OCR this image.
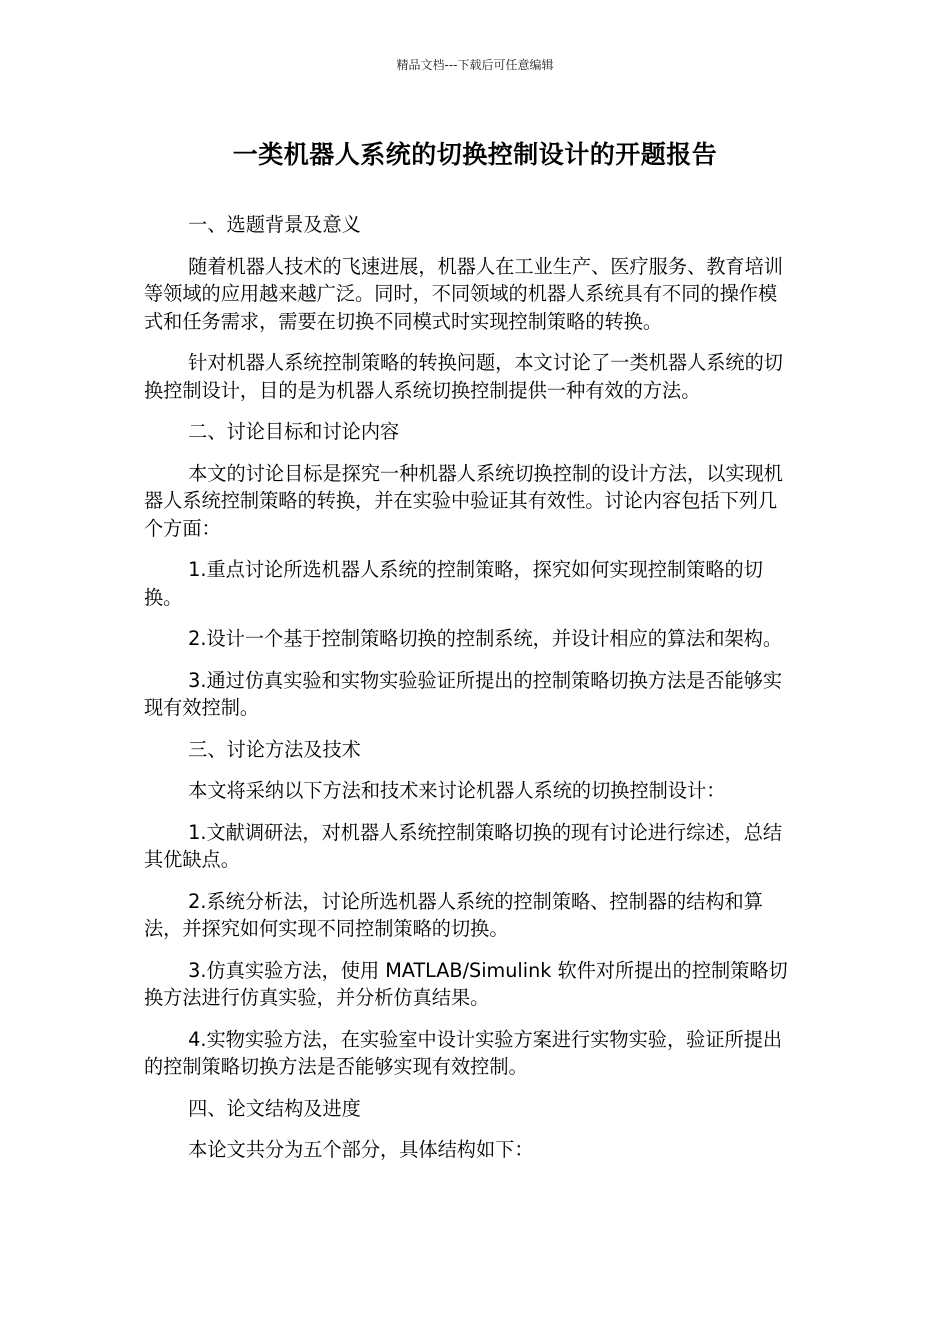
精品文档---下载后可任意编辑
一类机器人系统的切换控制设计的开题报告

一、选题背景及意义

随着机器人技术的飞速进展，机器人在工业生产、医疗服务、教育培训等领域的应用越来越广泛。同时，不同领域的机器人系统具有不同的操作模式和任务需求，需要在切换不同模式时实现控制策略的转换。

针对机器人系统控制策略的转换问题，本文讨论了一类机器人系统的切换控制设计，目的是为机器人系统切换控制提供一种有效的方法。

二、讨论目标和讨论内容

本文的讨论目标是探究一种机器人系统切换控制的设计方法，以实现机器人系统控制策略的转换，并在实验中验证其有效性。讨论内容包括下列几个方面：

1.重点讨论所选机器人系统的控制策略，探究如何实现控制策略的切换。

2.设计一个基于控制策略切换的控制系统，并设计相应的算法和架构。

3.通过仿真实验和实物实验验证所提出的控制策略切换方法是否能够实现有效控制。

三、讨论方法及技术

本文将采纳以下方法和技术来讨论机器人系统的切换控制设计：

1.文献调研法，对机器人系统控制策略切换的现有讨论进行综述，总结其优缺点。

2.系统分析法，讨论所选机器人系统的控制策略、控制器的结构和算法，并探究如何实现不同控制策略的切换。

3.仿真实验方法，使用 MATLAB/Simulink 软件对所提出的控制策略切换方法进行仿真实验，并分析仿真结果。

4.实物实验方法，在实验室中设计实验方案进行实物实验，验证所提出的控制策略切换方法是否能够实现有效控制。

四、论文结构及进度

本论文共分为五个部分，具体结构如下：
